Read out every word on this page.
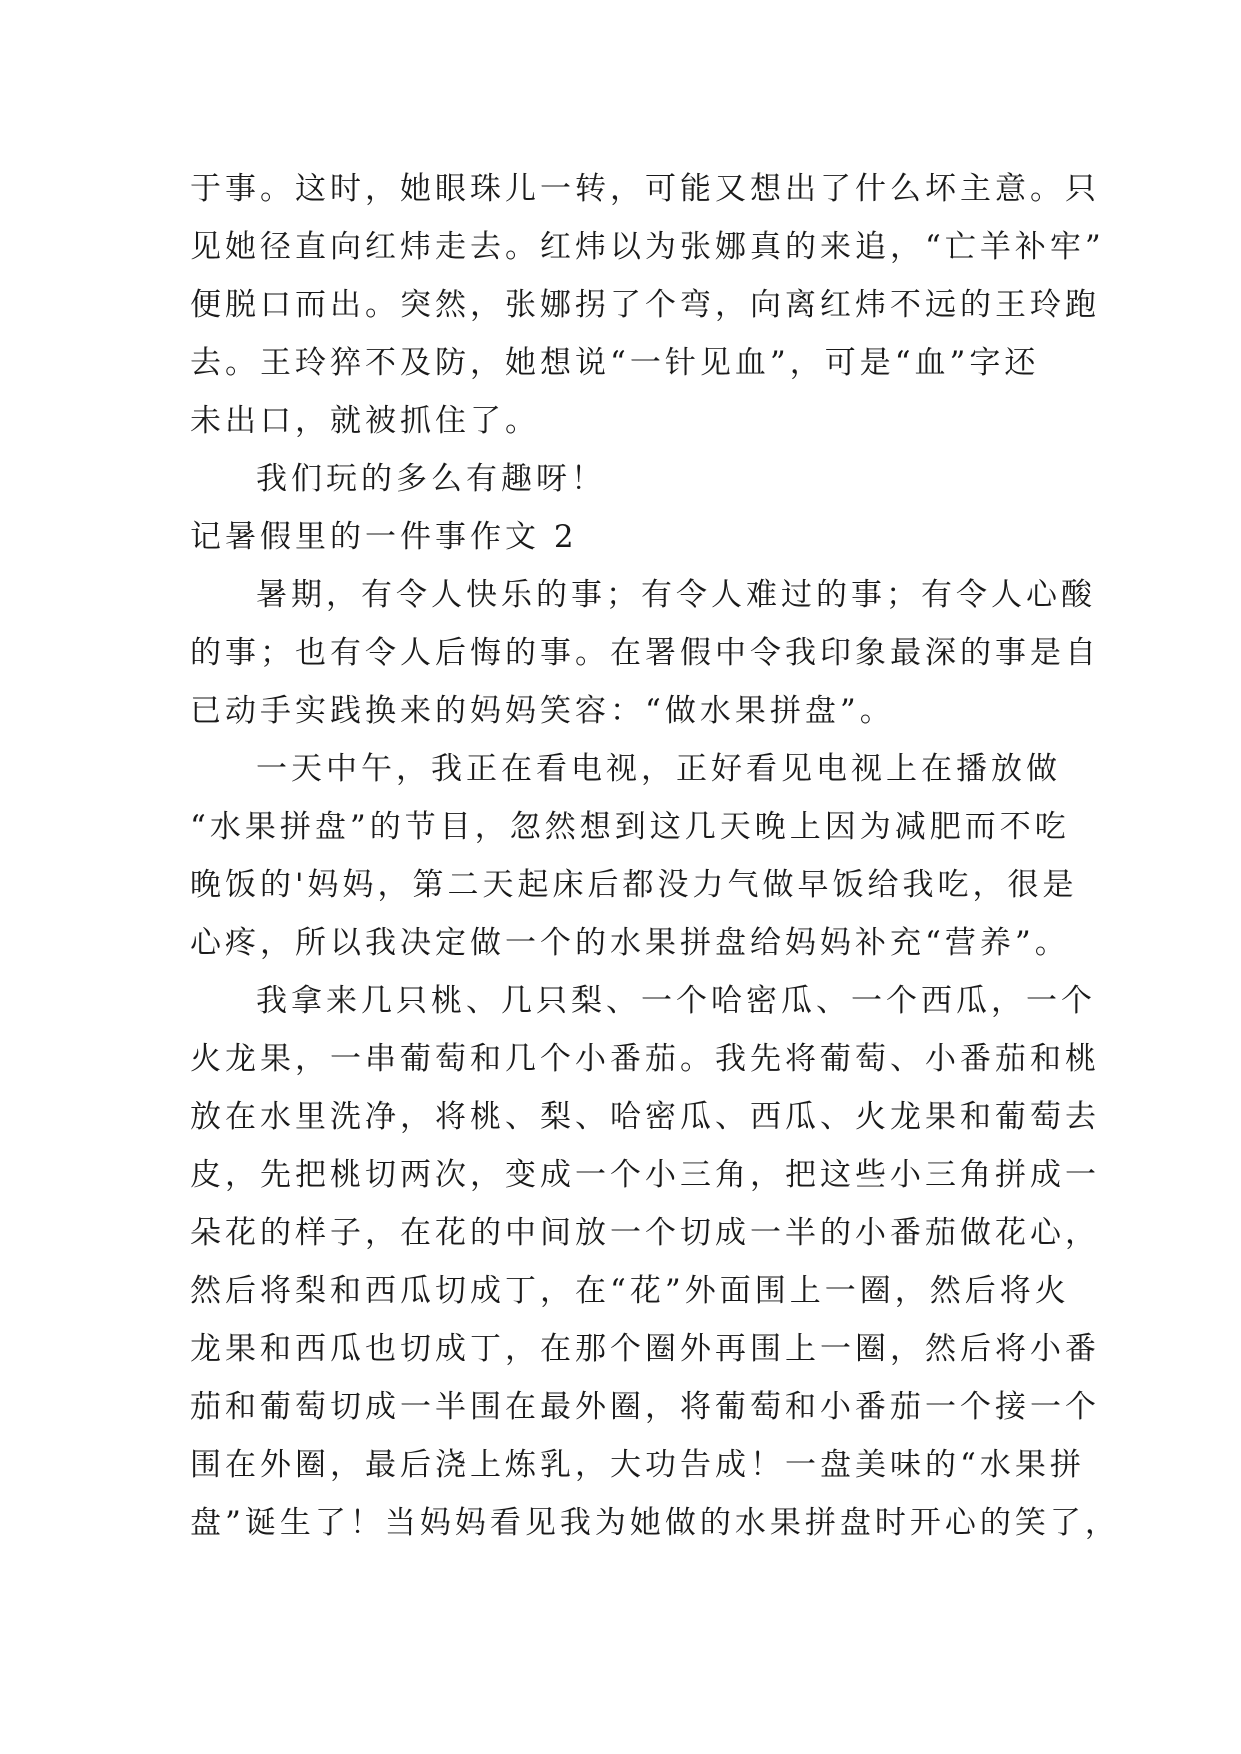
于事。这时，她眼珠儿一转，可能又想出了什么坏主意。只
见她径直向红炜走去。红炜以为张娜真的来追，“亡羊补牢”
便脱口而出。突然，张娜拐了个弯，向离红炜不远的王玲跑
去。王玲猝不及防，她想说“一针见血”，可是“血”字还
未出口，就被抓住了。
我们玩的多么有趣呀！
记暑假里的一件事作文 2
暑期，有令人快乐的事；有令人难过的事；有令人心酸
的事；也有令人后悔的事。在署假中令我印象最深的事是自
已动手实践换来的妈妈笑容：“做水果拼盘”。
一天中午，我正在看电视，正好看见电视上在播放做
“水果拼盘”的节目，忽然想到这几天晚上因为减肥而不吃
晚饭的'妈妈，第二天起床后都没力气做早饭给我吃，很是
心疼，所以我决定做一个的水果拼盘给妈妈补充“营养”。
我拿来几只桃、几只梨、一个哈密瓜、一个西瓜，一个
火龙果，一串葡萄和几个小番茄。我先将葡萄、小番茄和桃
放在水里洗净，将桃、梨、哈密瓜、西瓜、火龙果和葡萄去
皮，先把桃切两次，变成一个小三角，把这些小三角拼成一
朵花的样子，在花的中间放一个切成一半的小番茄做花心，
然后将梨和西瓜切成丁，在“花”外面围上一圈，然后将火
龙果和西瓜也切成丁，在那个圈外再围上一圈，然后将小番
茄和葡萄切成一半围在最外圈，将葡萄和小番茄一个接一个
围在外圈，最后浇上炼乳，大功告成！一盘美味的“水果拼
盘”诞生了！当妈妈看见我为她做的水果拼盘时开心的笑了，
